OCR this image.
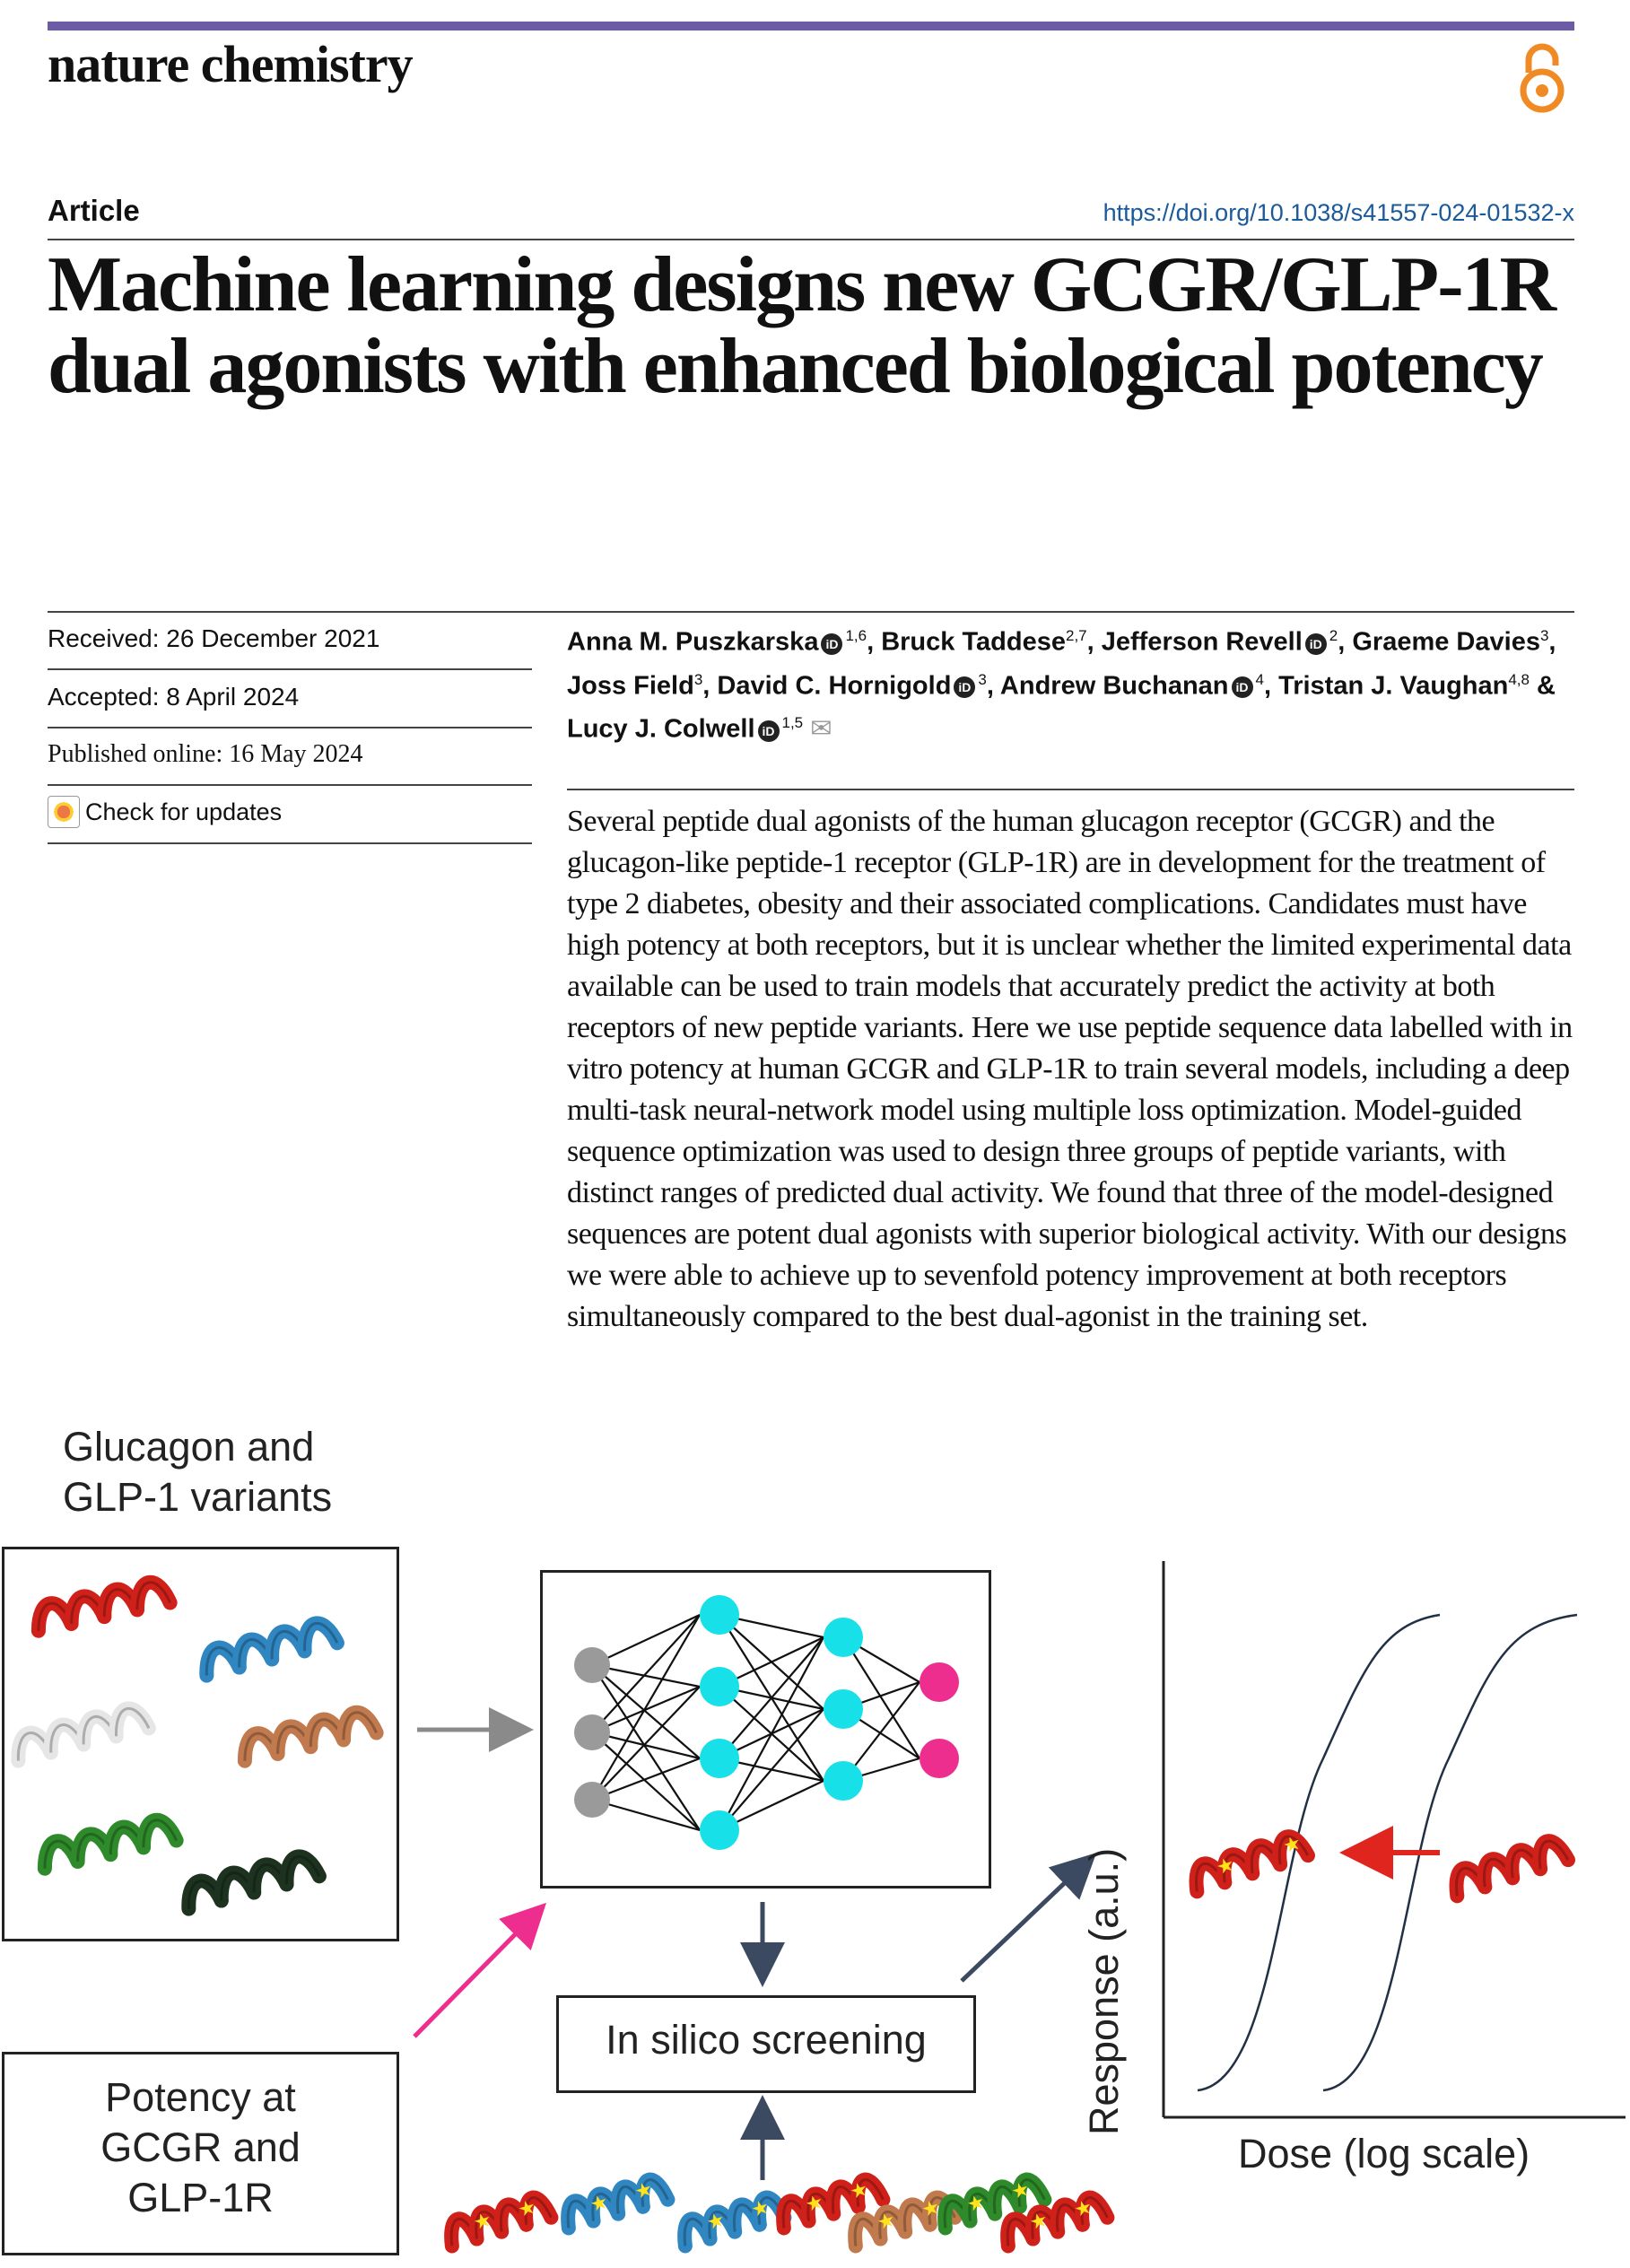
nature chemistry
Article	https://doi.org/10.1038/s41557-024-01532-x
Machine learning designs new GCGR/GLP-1R dual agonists with enhanced biological potency
Received: 26 December 2021
Accepted: 8 April 2024
Published online: 16 May 2024
Check for updates
Anna M. Puszkarska iD $^{1,6}$, Bruck Taddese$^{2,7}$, Jefferson Revell iD $^2$, Graeme Davies$^3$,
Joss Field$^3$, David C. Hornigold iD $^3$, Andrew Buchanan iD $^4$, Tristan J. Vaughan$^{4,8}$ &
Lucy J. Colwell iD $^{1,5}$ ✉

Several peptide dual agonists of the human glucagon receptor (GCGR) and the glucagon-like peptide-1 receptor (GLP-1R) are in development for the treatment of type 2 diabetes, obesity and their associated complications. Candidates must have high potency at both receptors, but it is unclear whether the limited experimental data available can be used to train models that accurately predict the activity at both receptors of new peptide variants. Here we use peptide sequence data labelled with in vitro potency at human GCGR and GLP-1R to train several models, including a deep multi-task neural-network model using multiple loss optimization. Model-guided sequence optimization was used to design three groups of peptide variants, with distinct ranges of predicted dual activity. We found that three of the model-designed sequences are potent dual agonists with superior biological activity. With our designs we were able to achieve up to sevenfold potency improvement at both receptors simultaneously compared to the best dual-agonist in the training set.

Glucagon and
GLP-1 variants
Potency at
GCGR and
GLP-1R
In silico screening
★
★
★ ★ ★ ★
★ ★ ★ ★
★ ★ ★ ★
★ ★
Response (a.u.)
Dose (log scale)
